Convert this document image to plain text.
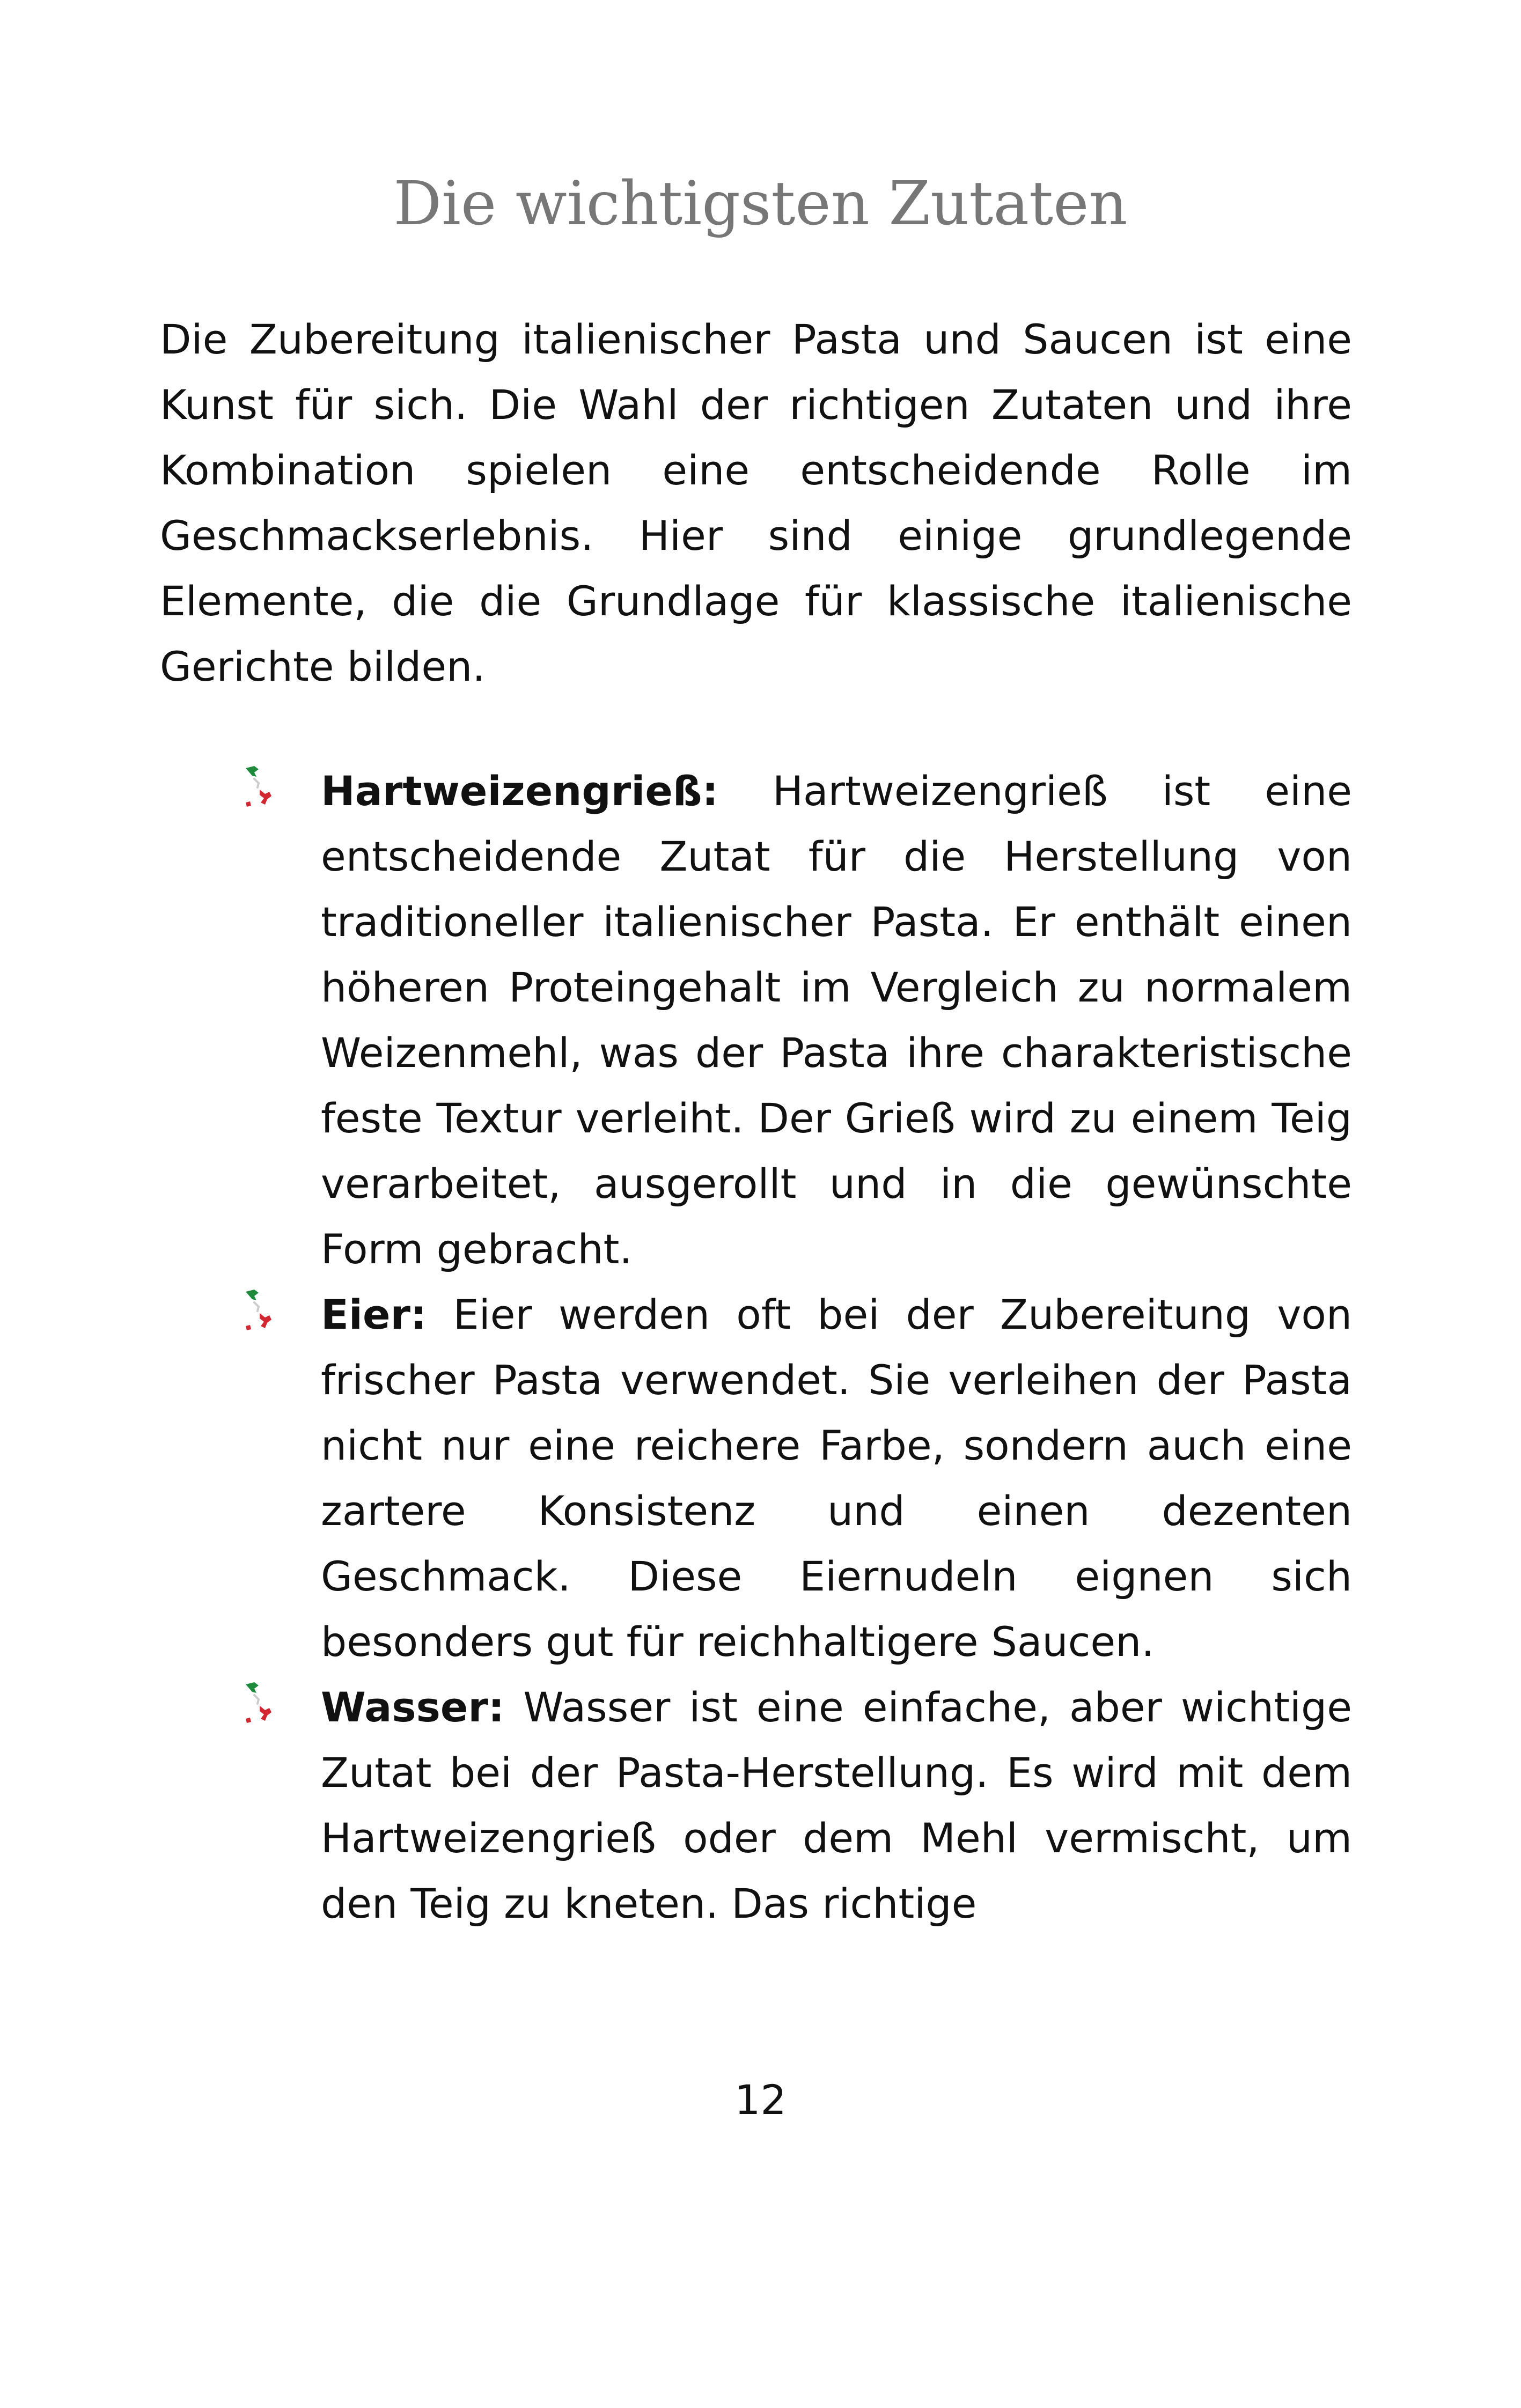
Die wichtigsten Zutaten

Die Zubereitung italienischer Pasta und Saucen ist eine Kunst für sich. Die Wahl der richtigen Zutaten und ihre Kombination spielen eine entscheidende Rolle im Geschmackserlebnis. Hier sind einige grundlegende Elemente, die die Grundlage für klassische italienische Gerichte bilden.

Hartweizengrieß: Hartweizengrieß ist eine entscheidende Zutat für die Herstellung von traditioneller italienischer Pasta. Er enthält einen höheren Proteingehalt im Vergleich zu normalem Weizenmehl, was der Pasta ihre charakteristische feste Textur verleiht. Der Grieß wird zu einem Teig verarbeitet, ausgerollt und in die gewünschte Form gebracht.
Eier: Eier werden oft bei der Zubereitung von frischer Pasta verwendet. Sie verleihen der Pasta nicht nur eine reichere Farbe, sondern auch eine zartere Konsistenz und einen dezenten Geschmack. Diese Eiernudeln eignen sich besonders gut für reichhaltigere Saucen.
Wasser: Wasser ist eine einfache, aber wichtige Zutat bei der Pasta-Herstellung. Es wird mit dem Hartweizengrieß oder dem Mehl vermischt, um den Teig zu kneten. Das richtige
12
